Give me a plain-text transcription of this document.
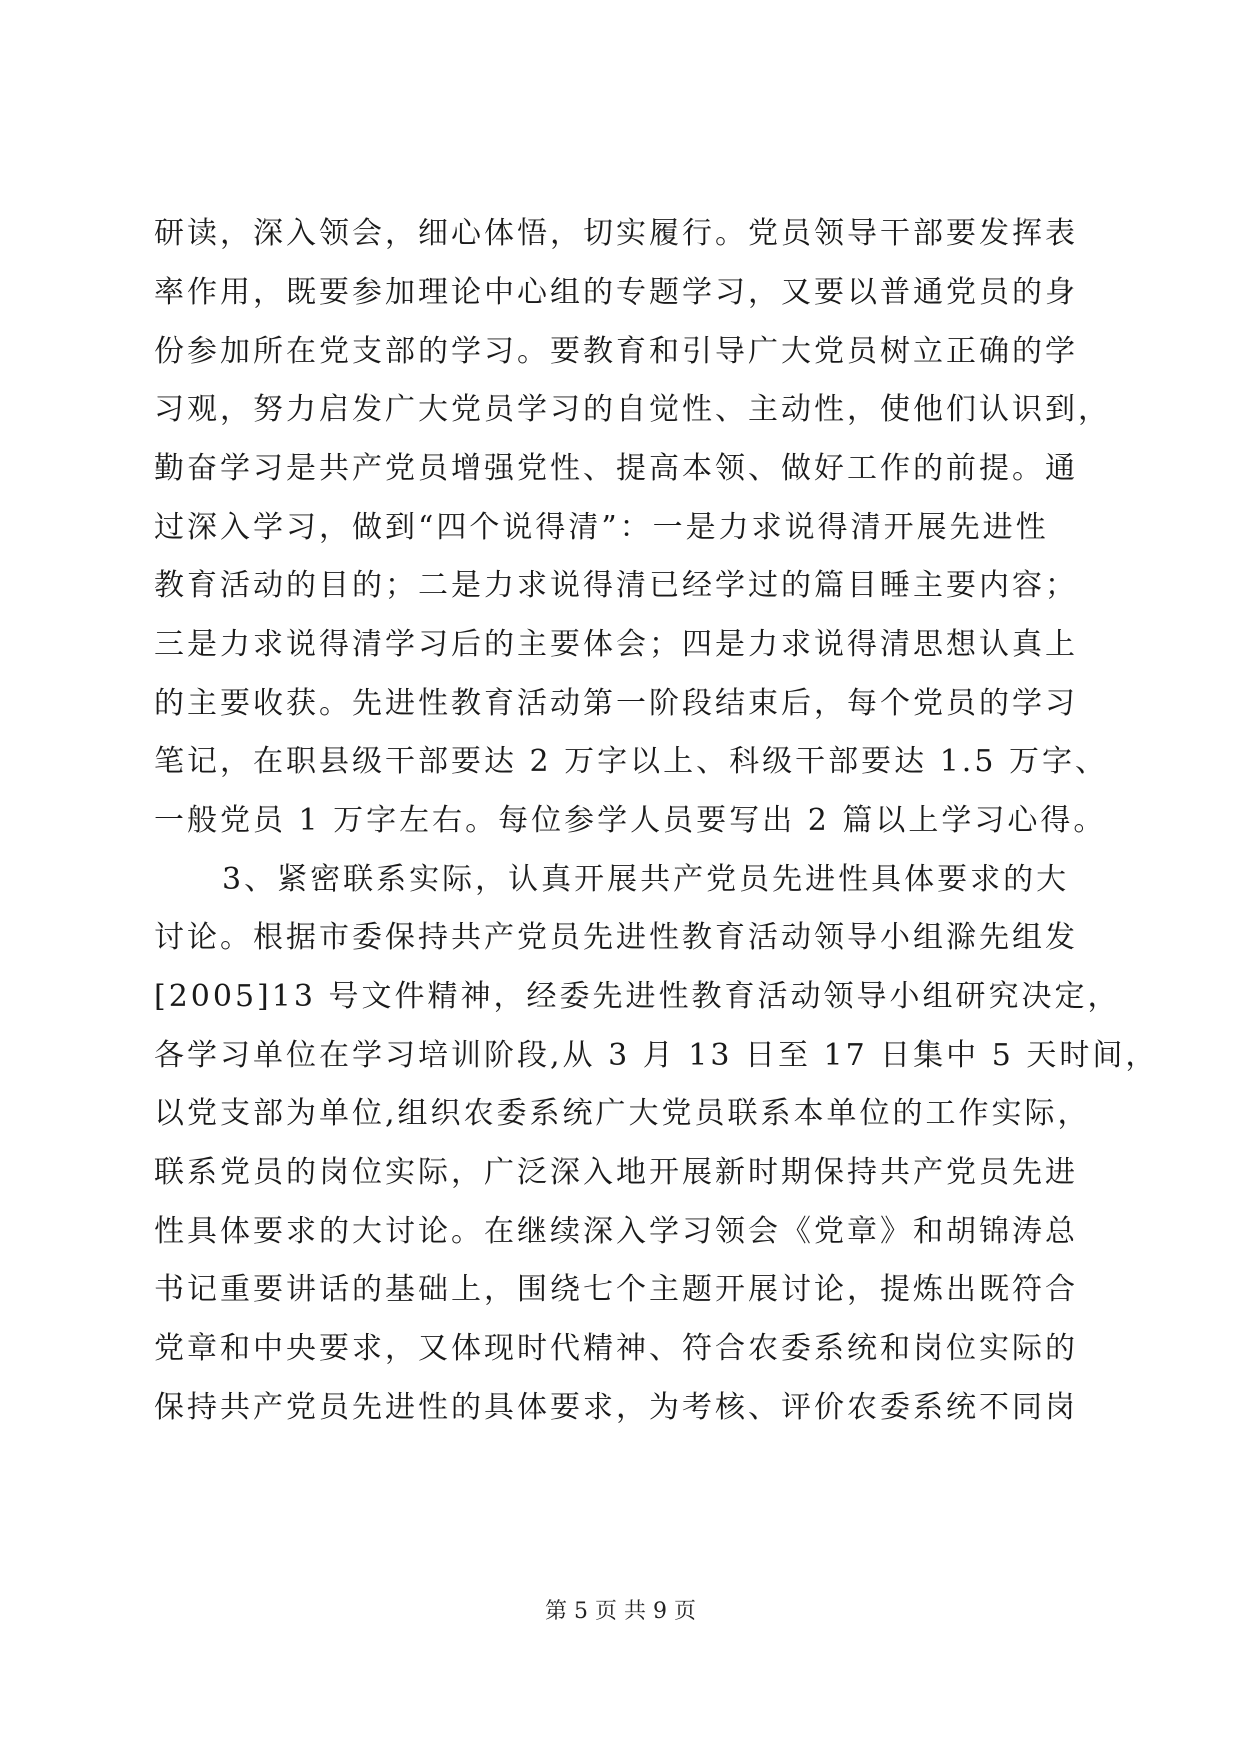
研读，深入领会，细心体悟，切实履行。党员领导干部要发挥表
率作用，既要参加理论中心组的专题学习，又要以普通党员的身
份参加所在党支部的学习。要教育和引导广大党员树立正确的学
习观，努力启发广大党员学习的自觉性、主动性，使他们认识到，
勤奋学习是共产党员增强党性、提高本领、做好工作的前提。通
过深入学习，做到“四个说得清”：一是力求说得清开展先进性
教育活动的目的；二是力求说得清已经学过的篇目睡主要内容；
三是力求说得清学习后的主要体会；四是力求说得清思想认真上
的主要收获。先进性教育活动第一阶段结束后，每个党员的学习
笔记，在职县级干部要达 2 万字以上、科级干部要达 1.5 万字、
一般党员 1 万字左右。每位参学人员要写出 2 篇以上学习心得。
3、紧密联系实际，认真开展共产党员先进性具体要求的大
讨论。根据市委保持共产党员先进性教育活动领导小组滁先组发
[2005]13 号文件精神，经委先进性教育活动领导小组研究决定，
各学习单位在学习培训阶段,从 3 月 13 日至 17 日集中 5 天时间，
以党支部为单位,组织农委系统广大党员联系本单位的工作实际，
联系党员的岗位实际，广泛深入地开展新时期保持共产党员先进
性具体要求的大讨论。在继续深入学习领会《党章》和胡锦涛总
书记重要讲话的基础上，围绕七个主题开展讨论，提炼出既符合
党章和中央要求，又体现时代精神、符合农委系统和岗位实际的
保持共产党员先进性的具体要求，为考核、评价农委系统不同岗
第 5 页 共 9 页
